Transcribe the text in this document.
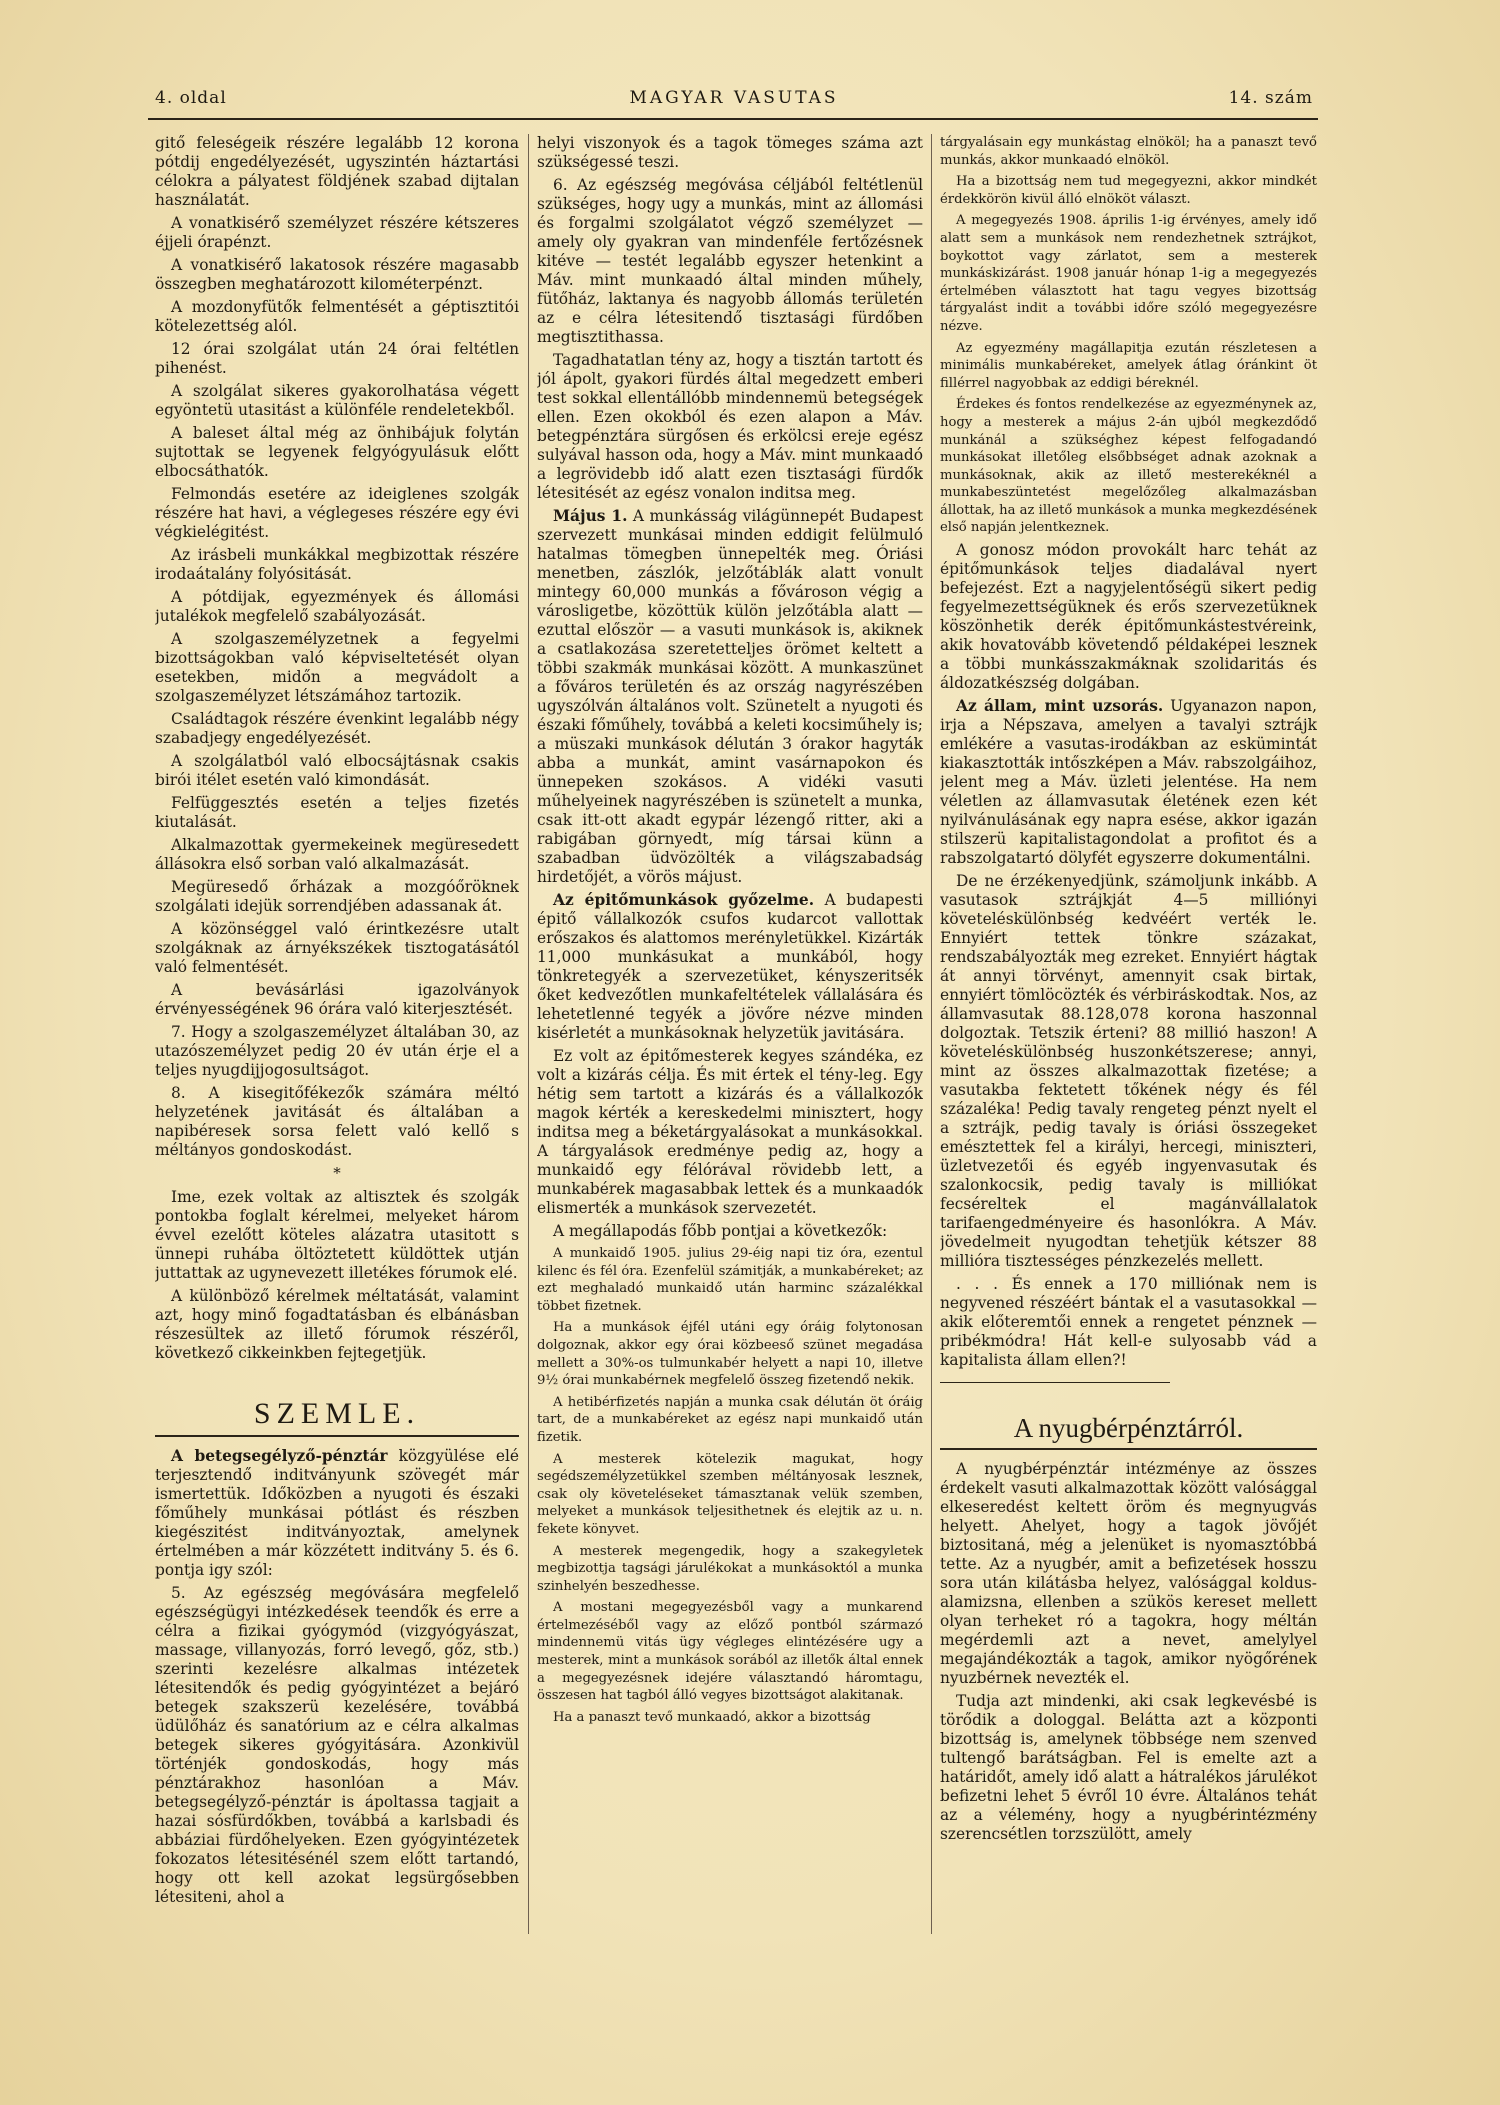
4. oldal	MAGYAR VASUTAS	14. szám

gitő feleségeik részére legalább 12 korona pótdij engedélyezését, ugyszintén háztartási célokra a pályatest földjének szabad dijtalan használatát.

A vonatkisérő személyzet részére kétszeres éjjeli órapénzt.

A vonatkisérő lakatosok részére magasabb összegben meghatározott kilométerpénzt.

A mozdonyfütők felmentését a géptisztitói kötelezettség alól.

12 órai szolgálat után 24 órai feltétlen pihenést.

A szolgálat sikeres gyakorolhatása végett egyöntetü utasitást a különféle rendeletekből.

A baleset által még az önhibájuk folytán sujtottak se legyenek felgyógyulásuk előtt elbocsáthatók.

Felmondás esetére az ideiglenes szolgák részére hat havi, a véglegeses részére egy évi végkielégitést.

Az irásbeli munkákkal megbizottak részére irodaátalány folyósitását.

A pótdijak, egyezmények és állomási jutalékok megfelelő szabályozását.

A szolgaszemélyzetnek a fegyelmi bizottságokban való képviseltetését olyan esetekben, midőn a megvádolt a szolgaszemélyzet létszámához tartozik.

Családtagok részére évenkint legalább négy szabadjegy engedélyezését.

A szolgálatból való elbocsájtásnak csakis birói itélet esetén való kimondását.

Felfüggesztés esetén a teljes fizetés kiutalását.

Alkalmazottak gyermekeinek megüresedett állásokra első sorban való alkalmazását.

Megüresedő őrházak a mozgóőröknek szolgálati idejük sorrendjében adassanak át.

A közönséggel való érintkezésre utalt szolgáknak az árnyékszékek tisztogatásától való felmentését.

A bevásárlási igazolványok érvényességének 96 órára való kiterjesztését.

7. Hogy a szolgaszemélyzet általában 30, az utazószemélyzet pedig 20 év után érje el a teljes nyugdijjogosultságot.

8. A kisegitőfékezők számára méltó helyzetének javitását és általában a napibéresek sorsa felett való kellő s méltányos gondoskodást.

*

Ime, ezek voltak az altisztek és szolgák pontokba foglalt kérelmei, melyeket három évvel ezelőtt köteles alázatra utasitott s ünnepi ruhába öltöztetett küldöttek utján juttattak az ugynevezett illetékes fórumok elé.

A különböző kérelmek méltatását, valamint azt, hogy minő fogadtatásban és elbánásban részesültek az illető fórumok részéről, következő cikkeinkben fejtegetjük.

SZEMLE.

A betegsegélyző-pénztár közgyülése elé terjesztendő inditványunk szövegét már ismertettük. Időközben a nyugoti és északi főműhely munkásai pótlást és részben kiegészitést inditványoztak, amelynek értelmében a már közzétett inditvány 5. és 6. pontja igy szól:

5. Az egészség megóvására megfelelő egészségügyi intézkedések teendők és erre a célra a fizikai gyógymód (vizgyógyászat, massage, villanyozás, forró levegő, gőz, stb.) szerinti kezelésre alkalmas intézetek létesitendők és pedig gyógyintézet a bejáró betegek szakszerü kezelésére, továbbá üdülőház és sanatórium az e célra alkalmas betegek sikeres gyógyitására. Azonkivül történjék gondoskodás, hogy más pénztárakhoz hasonlóan a Máv. betegsegélyző-pénztár is ápoltassa tagjait a hazai sósfürdőkben, továbbá a karlsbadi és abbáziai fürdőhelyeken. Ezen gyógyintézetek fokozatos létesitésénél szem előtt tartandó, hogy ott kell azokat legsürgősebben létesiteni, ahol a

helyi viszonyok és a tagok tömeges száma azt szükségessé teszi.

6. Az egészség megóvása céljából feltétlenül szükséges, hogy ugy a munkás, mint az állomási és forgalmi szolgálatot végző személyzet — amely oly gyakran van mindenféle fertőzésnek kitéve — testét legalább egyszer hetenkint a Máv. mint munkaadó által minden műhely, fütőház, laktanya és nagyobb állomás területén az e célra létesitendő tisztasági fürdőben megtisztithassa.

Tagadhatatlan tény az, hogy a tisztán tartott és jól ápolt, gyakori fürdés által megedzett emberi test sokkal ellentállóbb mindennemü betegségek ellen. Ezen okokból és ezen alapon a Máv. betegpénztára sürgősen és erkölcsi ereje egész sulyával hasson oda, hogy a Máv. mint munkaadó a legrövidebb idő alatt ezen tisztasági fürdők létesitését az egész vonalon inditsa meg.

Május 1. A munkásság világünnepét Budapest szervezett munkásai minden eddigit felülmuló hatalmas tömegben ünnepelték meg. Óriási menetben, zászlók, jelzőtáblák alatt vonult mintegy 60,000 munkás a fővároson végig a városligetbe, közöttük külön jelzőtábla alatt — ezuttal először — a vasuti munkások is, akiknek a csatlakozása szeretetteljes örömet keltett a többi szakmák munkásai között. A munkaszünet a főváros területén és az ország nagyrészében ugyszólván általános volt. Szünetelt a nyugoti és északi főműhely, továbbá a keleti kocsiműhely is; a müszaki munkások délután 3 órakor hagyták abba a munkát, amint vasárnapokon és ünnepeken szokásos. A vidéki vasuti műhelyeinek nagyrészében is szünetelt a munka, csak itt-ott akadt egypár lézengő ritter, aki a rabigában görnyedt, míg társai künn a szabadban üdvözölték a világszabadság hirdetőjét, a vörös májust.

Az épitőmunkások győzelme. A budapesti épitő vállalkozók csufos kudarcot vallottak erőszakos és alattomos merényletükkel. Kizárták 11,000 munkásukat a munkából, hogy tönkretegyék a szervezetüket, kényszeritsék őket kedvezőtlen munkafeltételek vállalására és lehetetlenné tegyék a jövőre nézve minden kisérletét a munkásoknak helyzetük javitására.

Ez volt az épitőmesterek kegyes szándéka, ez volt a kizárás célja. És mit értek el tény-leg. Egy hétig sem tartott a kizárás és a vállalkozók magok kérték a kereskedelmi minisztert, hogy inditsa meg a béketárgyalásokat a munkásokkal. A tárgyalások eredménye pedig az, hogy a munkaidő egy félórával rövidebb lett, a munkabérek magasabbak lettek és a munkaadók elismerték a munkások szervezetét.

A megállapodás főbb pontjai a következők:

A munkaidő 1905. julius 29-éig napi tiz óra, ezentul kilenc és fél óra. Ezenfelül számitják, a munkabéreket; az ezt meghaladó munkaidő után harminc százalékkal többet fizetnek.

Ha a munkások éjfél utáni egy óráig folytonosan dolgoznak, akkor egy órai közbeeső szünet megadása mellett a 30%-os tulmunkabér helyett a napi 10, illetve 9½ órai munkabérnek megfelelő összeg fizetendő nekik.

A hetibérfizetés napján a munka csak délután öt óráig tart, de a munkabéreket az egész napi munkaidő után fizetik.

A mesterek kötelezik magukat, hogy segédszemélyzetükkel szemben méltányosak lesznek, csak oly követeléseket támasztanak velük szemben, melyeket a munkások teljesithetnek és elejtik az u. n. fekete könyvet.

A mesterek megengedik, hogy a szakegyletek megbizottja tagsági járulékokat a munkásoktól a munka szinhelyén beszedhesse.

A mostani megegyezésből vagy a munkarend értelmezéséből vagy az előző pontból származó mindennemü vitás ügy végleges elintézésére ugy a mesterek, mint a munkások sorából az illetők által ennek a megegyezésnek idejére választandó háromtagu, összesen hat tagból álló vegyes bizottságot alakitanak.

Ha a panaszt tevő munkaadó, akkor a bizottság

tárgyalásain egy munkástag elnököl; ha a panaszt tevő munkás, akkor munkaadó elnököl.

Ha a bizottság nem tud megegyezni, akkor mindkét érdekkörön kivül álló elnököt választ.

A megegyezés 1908. április 1-ig érvényes, amely idő alatt sem a munkások nem rendezhetnek sztrájkot, boykottot vagy zárlatot, sem a mesterek munkáskizárást. 1908 január hónap 1-ig a megegyezés értelmében választott hat tagu vegyes bizottság tárgyalást indit a további időre szóló megegyezésre nézve.

Az egyezmény magállapitja ezután részletesen a minimális munkabéreket, amelyek átlag óránkint öt fillérrel nagyobbak az eddigi béreknél.

Érdekes és fontos rendelkezése az egyezménynek az, hogy a mesterek a május 2-án ujból megkezdődő munkánál a szükséghez képest felfogadandó munkásokat illetőleg elsőbbséget adnak azoknak a munkásoknak, akik az illető mesterekéknél a munkabeszüntetést megelőzőleg alkalmazásban állottak, ha az illető munkások a munka megkezdésének első napján jelentkeznek.

A gonosz módon provokált harc tehát az épitőmunkások teljes diadalával nyert befejezést. Ezt a nagyjelentőségü sikert pedig fegyelmezettségüknek és erős szervezetüknek köszönhetik derék épitőmunkástestvéreink, akik hovatovább követendő példaképei lesznek a többi munkásszakmáknak szolidaritás és áldozatkészség dolgában.

Az állam, mint uzsorás. Ugyanazon napon, irja a Népszava, amelyen a tavalyi sztrájk emlékére a vasutas-irodákban az eskümintát kiakasztották intőszképen a Máv. rabszolgáihoz, jelent meg a Máv. üzleti jelentése. Ha nem véletlen az államvasutak életének ezen két nyilvánulásának egy napra esése, akkor igazán stilszerü kapitalistagondolat a profitot és a rabszolgatartó dölyfét egyszerre dokumentálni.

De ne érzékenyedjünk, számoljunk inkább. A vasutasok sztrájkját 4—5 milliónyi követeléskülönbség kedvéért verték le. Ennyiért tettek tönkre százakat, rendszabályozták meg ezreket. Ennyiért hágtak át annyi törvényt, amennyit csak birtak, ennyiért tömlöcözték és vérbiráskodtak. Nos, az államvasutak 88.128,078 korona haszonnal dolgoztak. Tetszik érteni? 88 millió haszon! A követeléskülönbség huszonkétszerese; annyi, mint az összes alkalmazottak fizetése; a vasutakba fektetett tőkének négy és fél százaléka! Pedig tavaly rengeteg pénzt nyelt el a sztrájk, pedig tavaly is óriási összegeket emésztettek fel a királyi, hercegi, miniszteri, üzletvezetői és egyéb ingyenvasutak és szalonkocsik, pedig tavaly is milliókat fecséreltek el magánvállalatok tarifaengedményeire és hasonlókra. A Máv. jövedelmeit nyugodtan tehetjük kétszer 88 millióra tisztességes pénzkezelés mellett.

. . . És ennek a 170 milliónak nem is negyvened részéért bántak el a vasutasokkal — akik előteremtői ennek a rengetet pénznek — pribékmódra! Hát kell-e sulyosabb vád a kapitalista állam ellen?!

A nyugbérpénztárról.

A nyugbérpénztár intézménye az összes érdekelt vasuti alkalmazottak között valósággal elkeseredést keltett öröm és megnyugvás helyett. Ahelyet, hogy a tagok jövőjét biztositaná, még a jelenüket is nyomasztóbbá tette. Az a nyugbér, amit a befizetések hosszu sora után kilátásba helyez, valósággal koldus-alamizsna, ellenben a szükös kereset mellett olyan terheket ró a tagokra, hogy méltán megérdemli azt a nevet, amelylyel megajándékozták a tagok, amikor nyögőrének nyuzbérnek nevezték el.

Tudja azt mindenki, aki csak legkevésbé is törődik a dologgal. Belátta azt a központi bizottság is, amelynek többsége nem szenved tultengő barátságban. Fel is emelte azt a határidőt, amely idő alatt a hátralékos járulékot befizetni lehet 5 évről 10 évre. Általános tehát az a vélemény, hogy a nyugbérintézmény szerencsétlen torzszülött, amely
